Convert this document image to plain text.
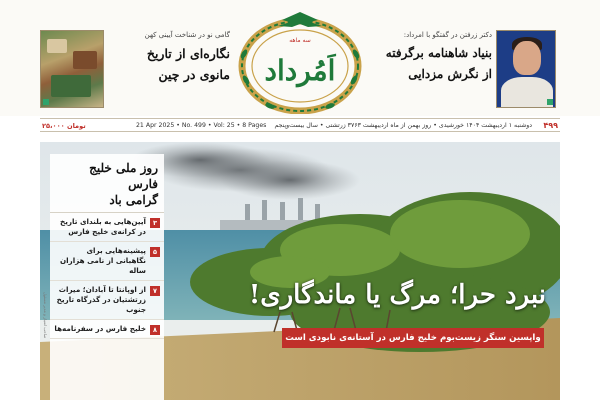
گامی نو در شناخت آیینی کهن
نگاره‌ای از تاریخ
مانوی در چین
سه ماهه
اَمُرداد
دکتر زرفتن در گفتگو با امرداد:
بنیاد شاهنامه برگرفته
از نگرش مزدایی
۲۵،۰۰۰ تومان	21 Apr 2025 • No. 499 • Vol: 25 • 8 Pages دوشنبه ۱ اردیبهشت ۱۴۰۴ خورشیدی • روز بهمن از ماه اردیبهشت ۳۷۶۳ زرتشتی • سال بیست‌وپنجم ۴۹۹
روز ملی خلیج فارس
گرامی باد
۳
آیین‌هایی به بلندای تاریخ در کرانه‌ی خلیج فارس
۵
پیشینه‌هایی برای نگاهبانی از نامی هزاران ساله
۷
از اوپانتا تا آبادان؛ میراث زرتشتیان در گذرگاه تاریخ جنوب
۸
خلیج فارس در سفرنامه‌ها
صاحب امتیاز و مدیر مسئول	نبرد حرا؛ مرگ یا ماندگاری!
واپسین سنگر زیست‌بوم خلیج فارس در آستانه‌ی نابودی است
